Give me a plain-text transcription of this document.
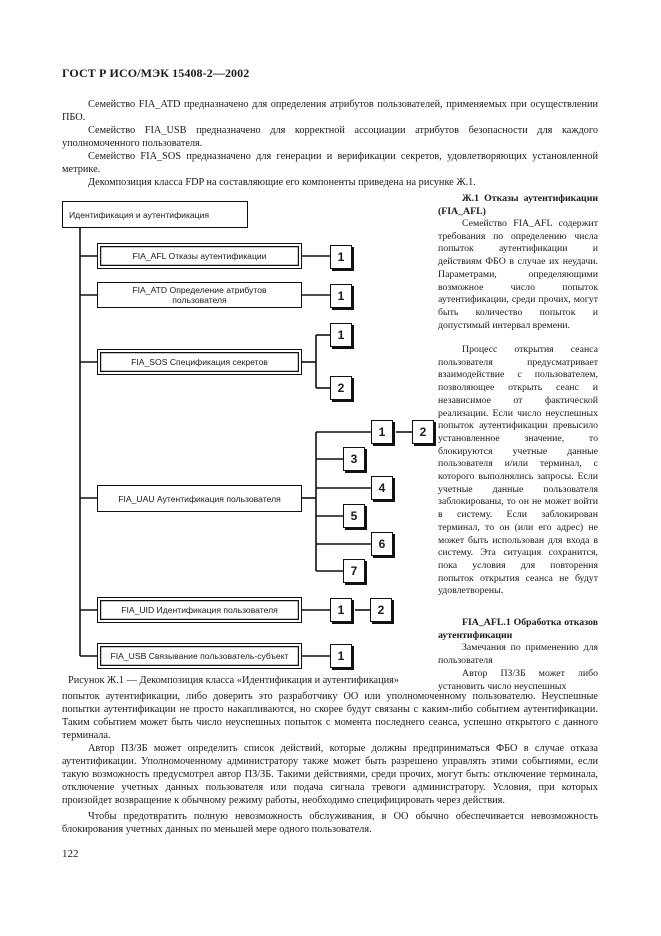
ГОСТ Р ИСО/МЭК 15408-2—2002
Семейство FIA_ATD предназначено для определения атрибутов пользователей, применяемых при осуществлении ПБО.
Семейство FIA_USB предназначено для корректной ассоциации атрибутов безопасности для каждого уполномоченного пользователя.
Семейство FIA_SOS предназначено для генерации и верификации секретов, удовлетворяющих установленной метрике.
Декомпозиция класса FDP на составляющие его компоненты приведена на рисунке Ж.1.
Идентификация и аутентификация
FIA_AFL Отказы аутентификации
FIA_ATD Определение атрибутов пользователя
FIA_SOS Спецификация секретов
FIA_UAU Аутентификация пользователя
FIA_UID Идентификация пользователя
FIA_USB Связывание пользователь-субъект
1
1
1
2
1	2
3
4
5
6
7
1	2
1
Ж.1 Отказы аутентификации (FIA_AFL)
Семейство FIA_AFL содержит требования по определению числа попыток аутентификации и действиям ФБО в случае их неудачи. Параметрами, определяющими возможное число попыток аутентификации, среди прочих, могут быть количество попыток и допустимый интервал времени.
Процесс открытия сеанса пользователя предусматривает взаимодействие с пользователем, позволяющее открыть сеанс и независимое от фактической реализации. Если число неуспешных попыток аутентификации превысило установленное значение, то блокируются учетные данные пользователя и/или терминал, с которого выполнялись запросы. Если учетные данные пользователя заблокированы, то он не может войти в систему. Если заблокирован терминал, то он (или его адрес) не может быть использован для входа в систему. Эта ситуация сохранится, пока условия для повторения попыток открытия сеанса не будут удовлетворены.
FIA_AFL.1 Обработка отказов аутентификации
Замечания по применению для пользователя
Автор ПЗ/ЗБ может либо установить число неуспешных
Рисунок Ж.1 — Декомпозиция класса «Идентификация и аутентификация»
попыток аутентификации, либо доверить это разработчику ОО или уполномоченному пользователю. Неуспешные попытки аутентификации не просто накапливаются, но скорее будут связаны с каким-либо событием аутентификации. Таким событием может быть число неуспешных попыток с момента последнего сеанса, успешно открытого с данного терминала.
Автор ПЗ/ЗБ может определить список действий, которые должны предприниматься ФБО в случае отказа аутентификации. Уполномоченному администратору также может быть разрешено управлять этими событиями, если такую возможность предусмотрел автор ПЗ/ЗБ. Такими действиями, среди прочих, могут быть: отключение терминала, отключение учетных данных пользователя или подача сигнала тревоги администратору. Условия, при которых произойдет возвращение к обычному режиму работы, необходимо специфицировать через действия.
Чтобы предотвратить полную невозможность обслуживания, в ОО обычно обеспечивается невозможность блокирования учетных данных по меньшей мере одного пользователя.
122
